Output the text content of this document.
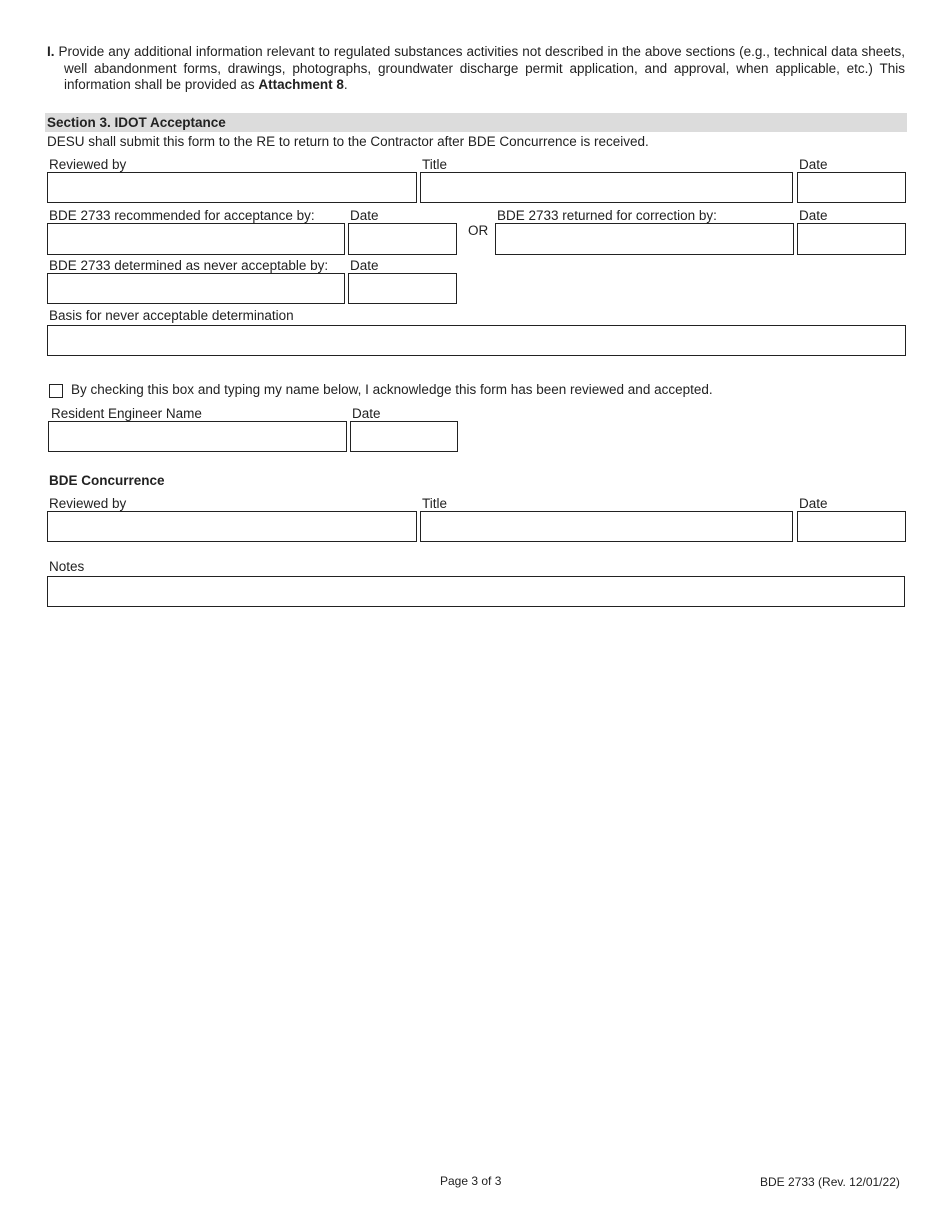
I. Provide any additional information relevant to regulated substances activities not described in the above sections (e.g., technical data sheets, well abandonment forms, drawings, photographs, groundwater discharge permit application, and approval, when applicable, etc.) This information shall be provided as Attachment 8.
Section 3. IDOT Acceptance
DESU shall submit this form to the RE to return to the Contractor after BDE Concurrence is received.
Reviewed by	Title	Date
BDE 2733 recommended for acceptance by:	Date	BDE 2733 returned for correction by:	Date
OR
BDE 2733 determined as never acceptable by: Date
Basis for never acceptable determination
By checking this box and typing my name below, I acknowledge this form has been reviewed and accepted.
Resident Engineer Name	Date
BDE Concurrence
Reviewed by	Title	Date
Notes
Page 3 of 3	BDE 2733 (Rev. 12/01/22)
